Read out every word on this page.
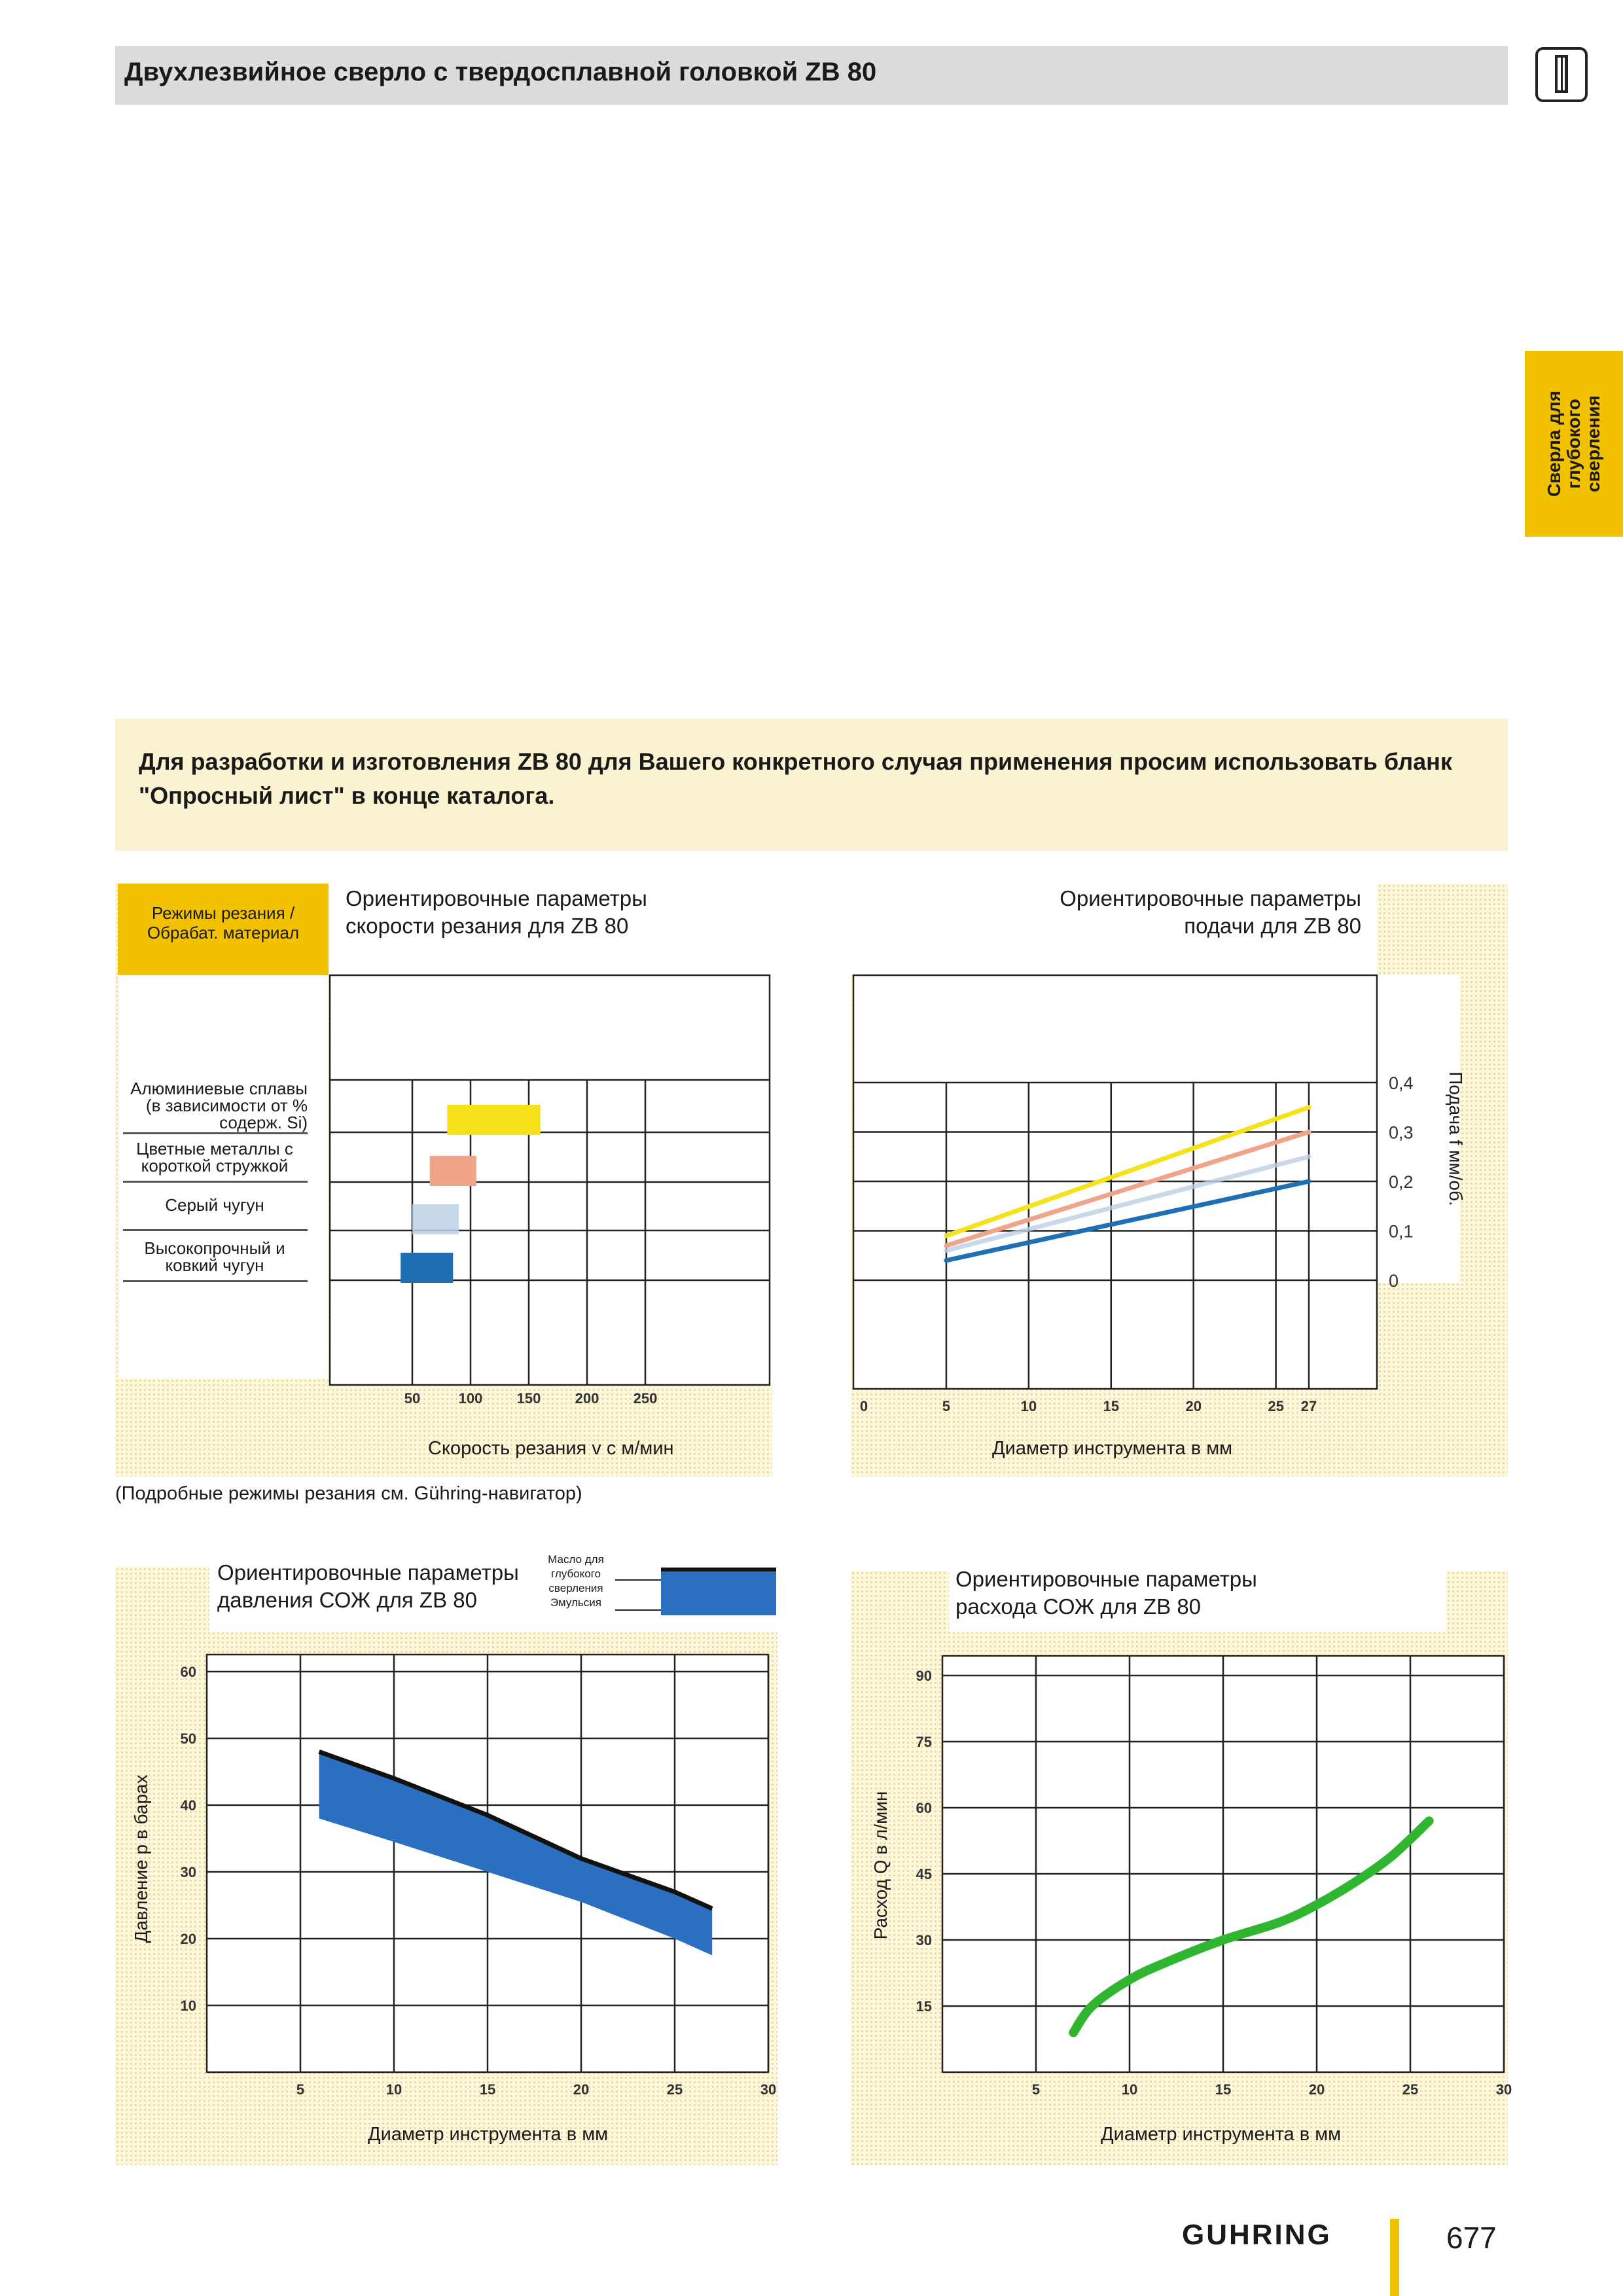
Двухлезвийное сверло с твердосплавной головкой ZB 80
Сверла для глубокого сверления
Для разработки и изготовления ZB 80 для Вашего конкретного случая применения просим использовать бланк "Опросный лист" в конце каталога.
Режимы резания /
Обрабат. материал
Ориентировочные параметры
скорости резания для ZB 80
Алюминиевые сплавы
(в зависимости от %
содерж. Si)
Цветные металлы с
короткой стружкой
Серый чугун
Высокопрочный и
ковкий чугун
50	100 150 200 250
Скорость резания v с м/мин
Ориентировочные параметры
подачи для ZB 80
0	5	10	15	20	25 27
0,4
0,3
0,2
0,1
0
Подача f мм/об.
Диаметр инструмента в мм
(Подробные режимы резания см. Gühring-навигатор)
Ориентировочные параметры
давления СОЖ для ZB 80
Масло для
глубокого
сверления
Эмульсия
5	10	15	20	25	30
60
50
40
30
20
10
Давление р в барах
Диаметр инструмента в мм
Ориентировочные параметры
расхода СОЖ для ZB 80
5	10	15	20	25	30
90
75
60
45
30
15
Расход Q в л/мин
Диаметр инструмента в мм
GUHRING	677
